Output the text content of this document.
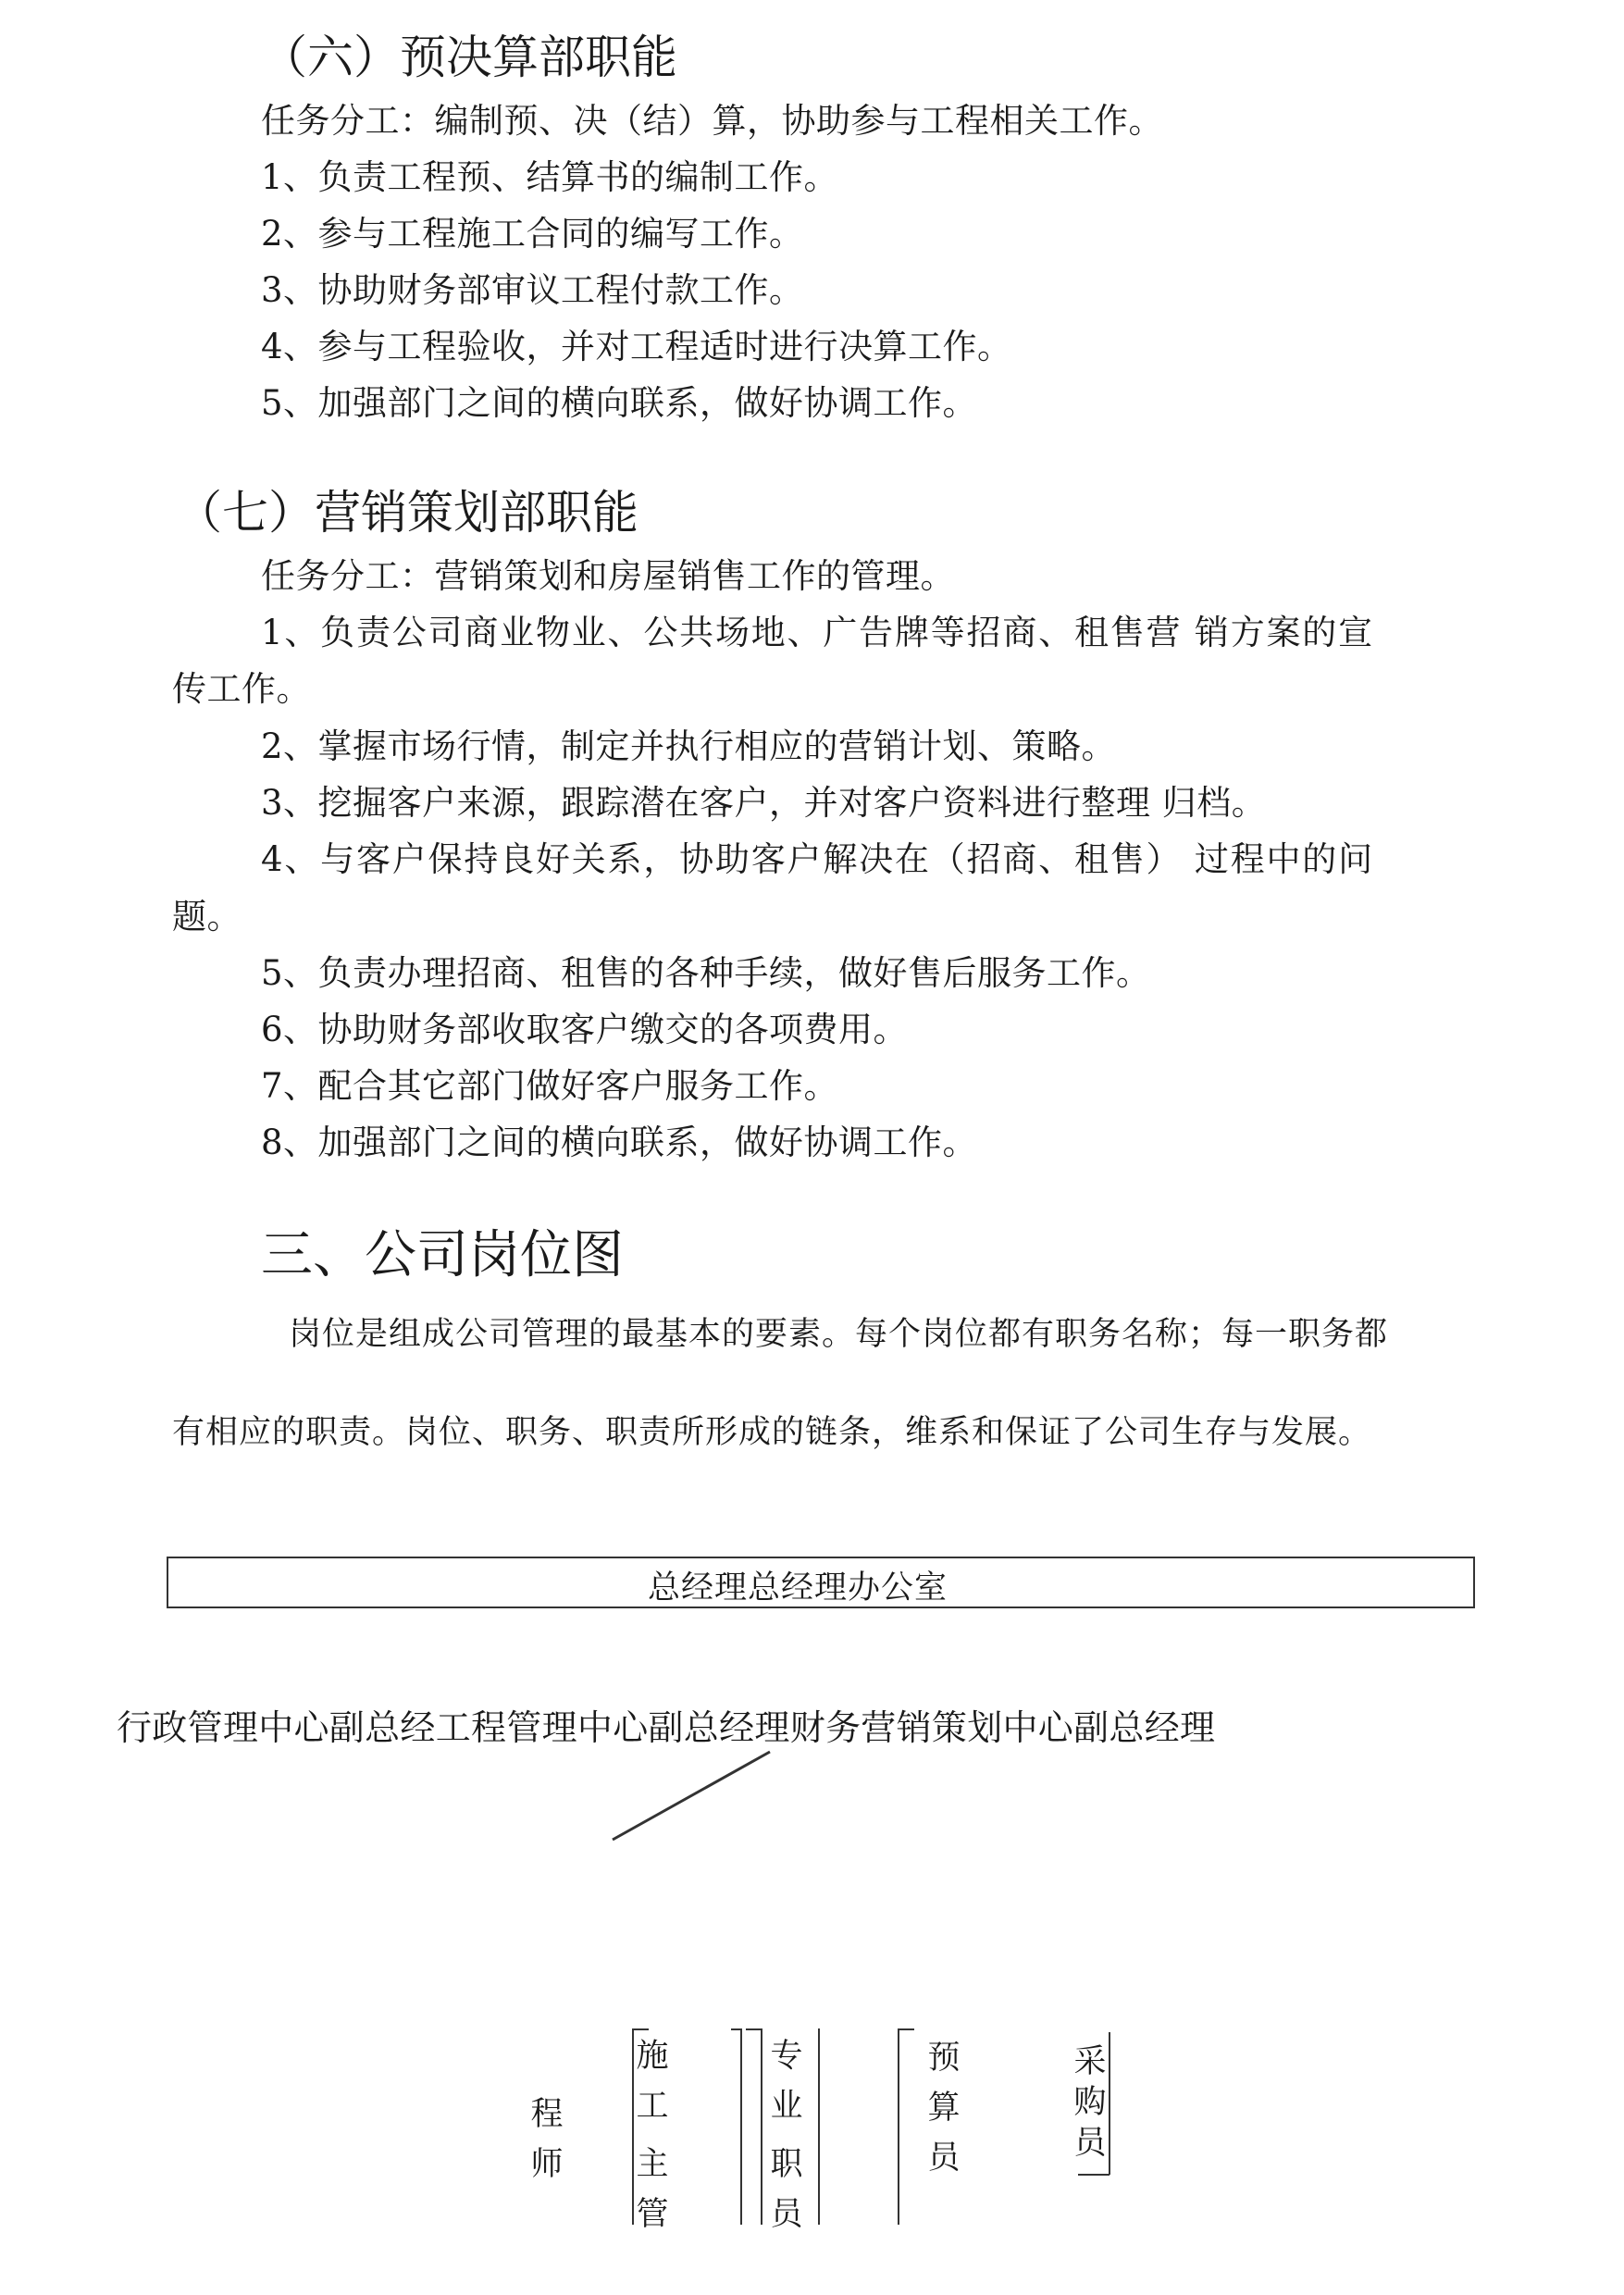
（六）预决算部职能
任务分工：编制预、决（结）算，协助参与工程相关工作。
1、负责工程预、结算书的编制工作。
2、参与工程施工合同的编写工作。
3、协助财务部审议工程付款工作。
4、参与工程验收，并对工程适时进行决算工作。
5、加强部门之间的横向联系，做好协调工作。
（七）营销策划部职能
任务分工：营销策划和房屋销售工作的管理。
1、负责公司商业物业、公共场地、广告牌等招商、租售营 销方案的宣
传工作。
2、掌握市场行情，制定并执行相应的营销计划、策略。
3、挖掘客户来源，跟踪潜在客户，并对客户资料进行整理 归档。
4、与客户保持良好关系，协助客户解决在（招商、租售） 过程中的问
题。
5、负责办理招商、租售的各种手续，做好售后服务工作。
6、协助财务部收取客户缴交的各项费用。
7、配合其它部门做好客户服务工作。
8、加强部门之间的横向联系，做好协调工作。
三、公司岗位图
岗位是组成公司管理的最基本的要素。每个岗位都有职务名称；每一职务都
有相应的职责。岗位、职务、职责所形成的链条，维系和保证了公司生存与发展。
总经理总经理办公室
行政管理中心副总经工程管理中心副总经理财务营销策划中心副总经理
程
师
施
工
主
管
专
业
职
员
预
算
员
采
购
员
